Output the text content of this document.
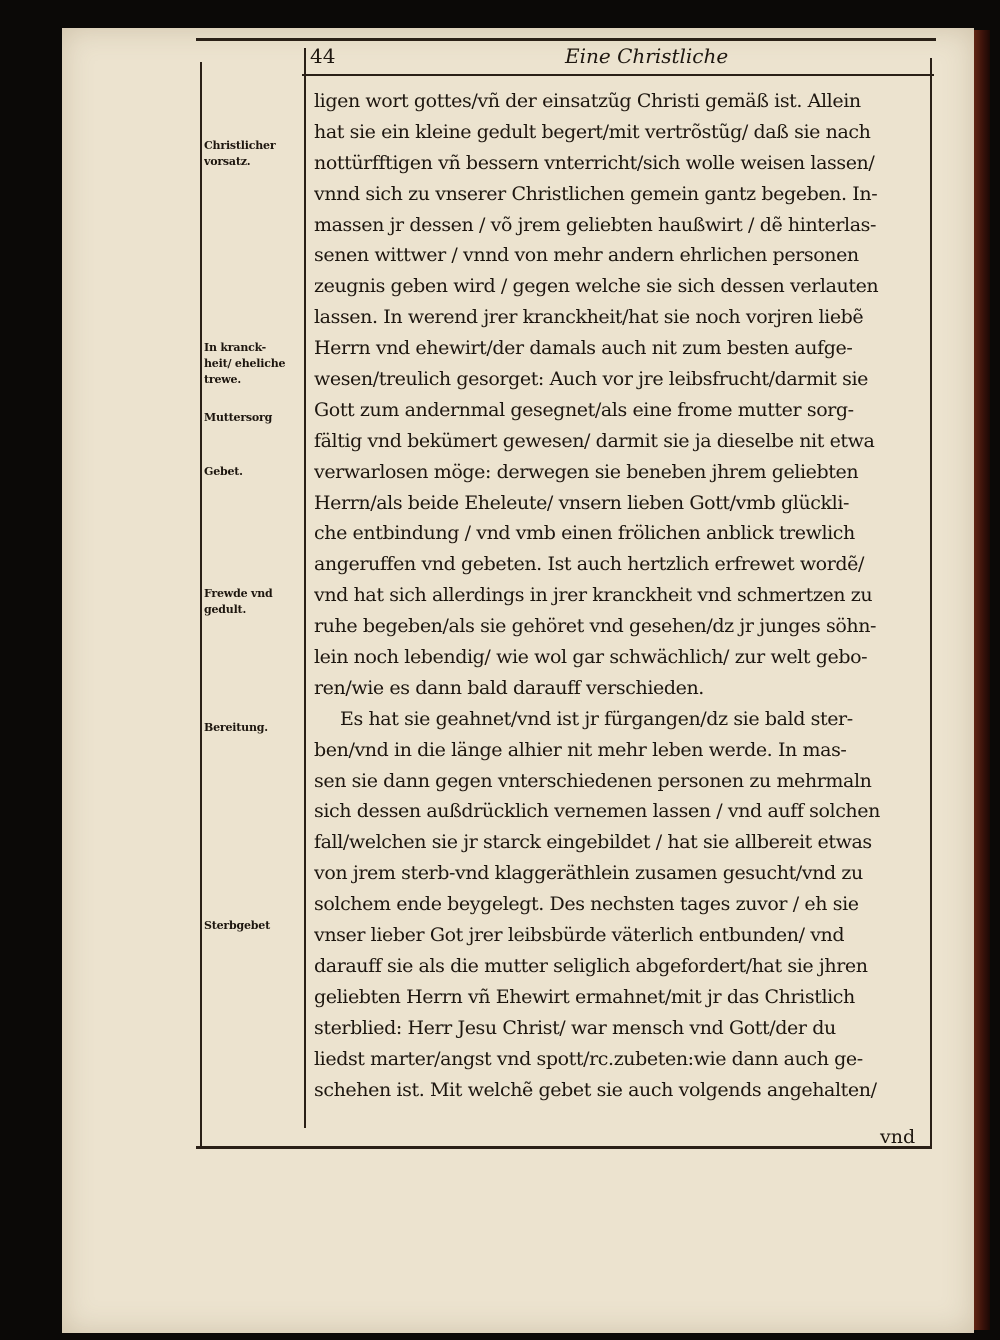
44	Eine Christliche
Christlicher
vorsatz.
In kranck-
heit/ eheliche
trewe.
Muttersorg
Gebet.
Frewde vnd
gedult.
Bereitung.
Sterbgebet
ligen wort gottes/vñ der einsatzũg Christi gemäß ist. Allein
hat sie ein kleine gedult begert/mit vertrõstũg/ daß sie nach
nottürfftigen vñ bessern vnterricht/sich wolle weisen lassen/
vnnd sich zu vnserer Christlichen gemein gantz begeben. In-
massen jr dessen / võ jrem geliebten haußwirt / dẽ hinterlas-
senen wittwer / vnnd von mehr andern ehrlichen personen
zeugnis geben wird / gegen welche sie sich dessen verlauten
lassen. In werend jrer kranckheit/hat sie noch vorjren liebẽ
Herrn vnd ehewirt/der damals auch nit zum besten aufge-
wesen/treulich gesorget: Auch vor jre leibsfrucht/darmit sie
Gott zum andernmal gesegnet/als eine frome mutter sorg-
fältig vnd bekümert gewesen/ darmit sie ja dieselbe nit etwa
verwarlosen möge: derwegen sie beneben jhrem geliebten
Herrn/als beide Eheleute/ vnsern lieben Gott/vmb glückli-
che entbindung / vnd vmb einen frölichen anblick trewlich
angeruffen vnd gebeten. Ist auch hertzlich erfrewet wordẽ/
vnd hat sich allerdings in jrer kranckheit vnd schmertzen zu
ruhe begeben/als sie gehöret vnd gesehen/dz jr junges söhn-
lein noch lebendig/ wie wol gar schwächlich/ zur welt gebo-
ren/wie es dann bald darauff verschieden.
Es hat sie geahnet/vnd ist jr fürgangen/dz sie bald ster-
ben/vnd in die länge alhier nit mehr leben werde. In mas-
sen sie dann gegen vnterschiedenen personen zu mehrmaln
sich dessen außdrücklich vernemen lassen / vnd auff solchen
fall/welchen sie jr starck eingebildet / hat sie allbereit etwas
von jrem sterb-vnd klaggeräthlein zusamen gesucht/vnd zu
solchem ende beygelegt. Des nechsten tages zuvor / eh sie
vnser lieber Got jrer leibsbürde väterlich entbunden/ vnd
darauff sie als die mutter seliglich abgefordert/hat sie jhren
geliebten Herrn vñ Ehewirt ermahnet/mit jr das Christlich
sterblied: Herr Jesu Christ/ war mensch vnd Gott/der du
liedst marter/angst vnd spott/rc.zubeten:wie dann auch ge-
schehen ist. Mit welchẽ gebet sie auch volgends angehalten/
vnd
